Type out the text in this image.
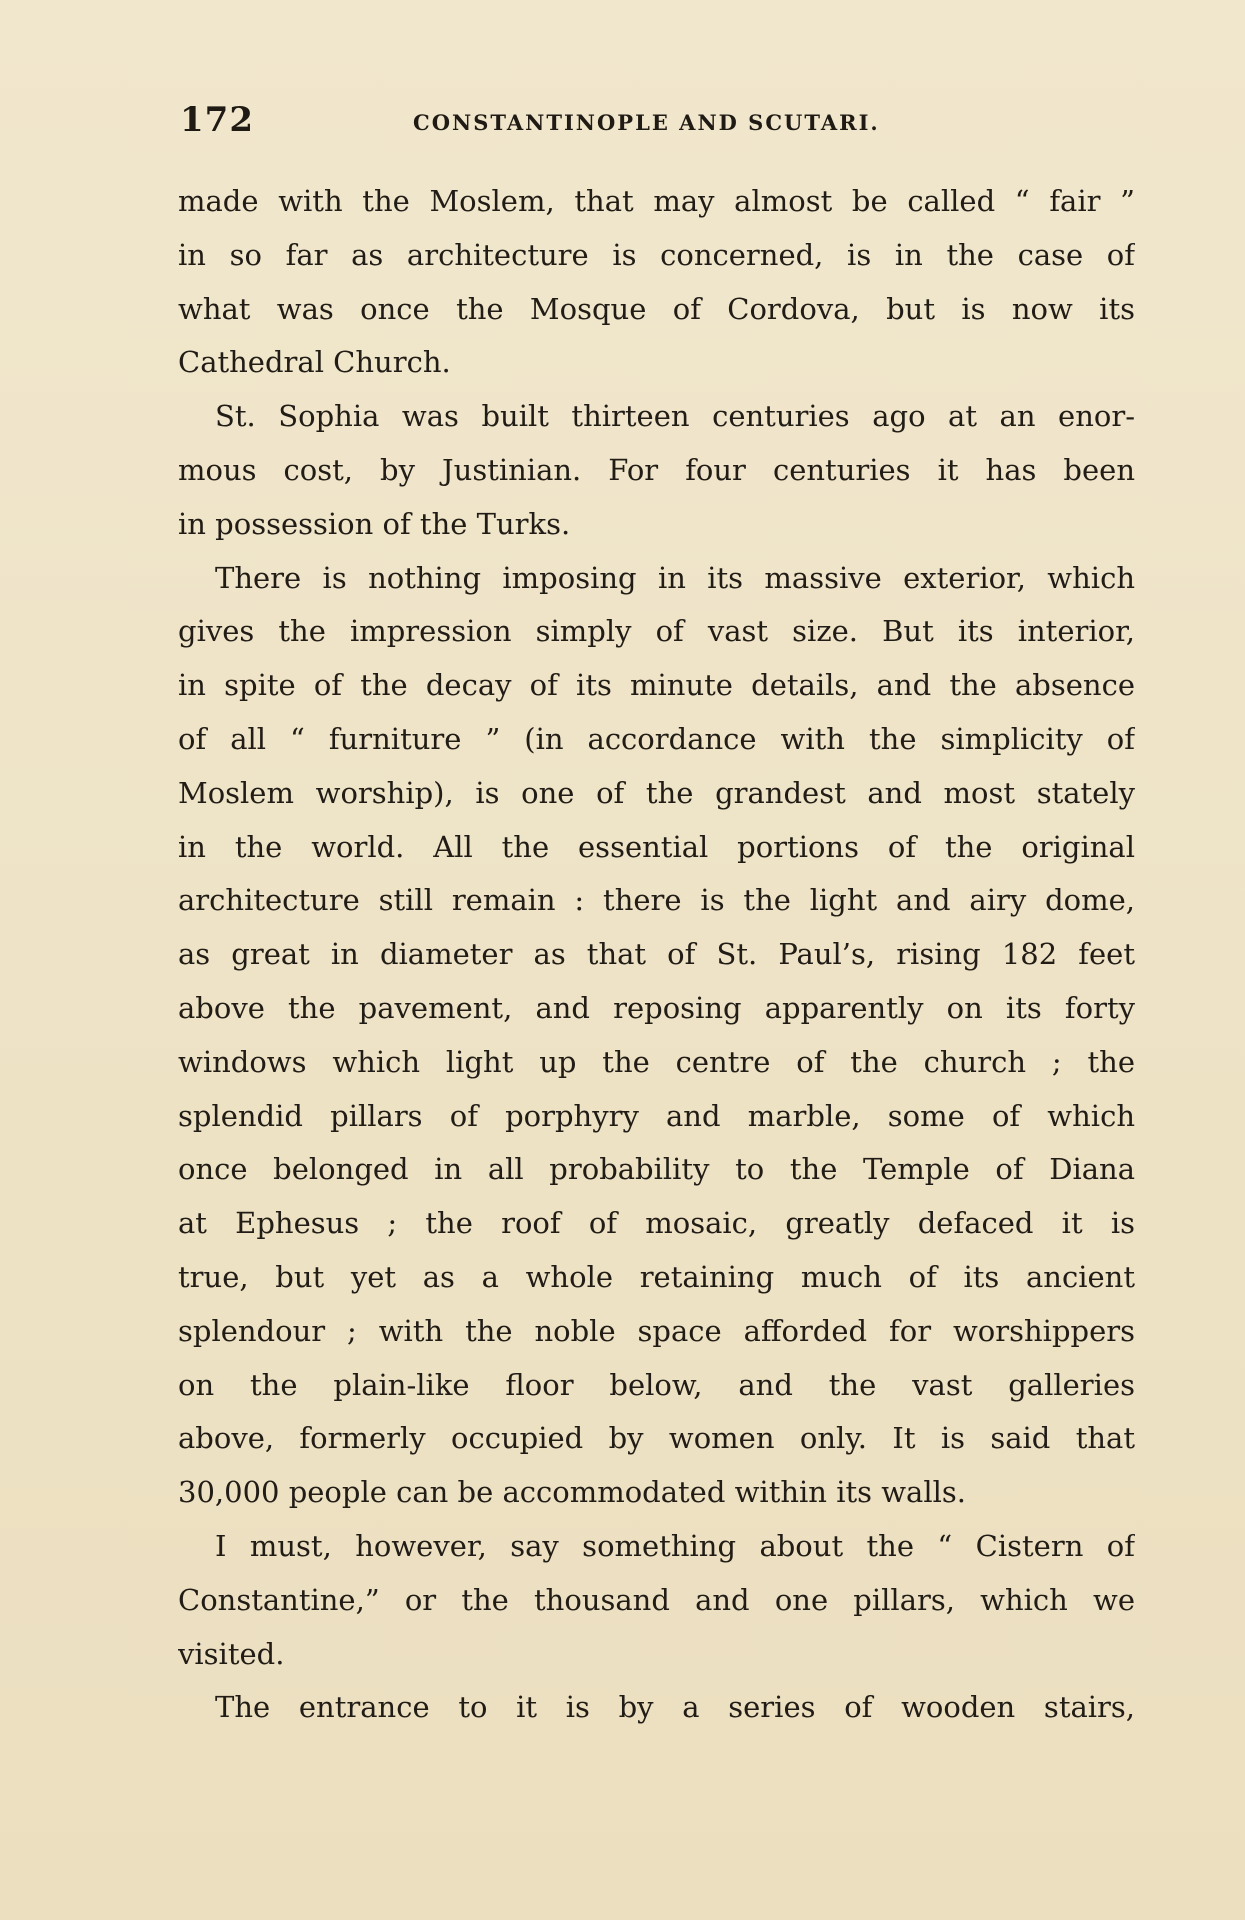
172	CONSTANTINOPLE AND SCUTARI.
made with the Moslem, that may almost be called “ fair ”
in so far as architecture is concerned, is in the case of
what was once the Mosque of Cordova, but is now its
Cathedral Church.
St. Sophia was built thirteen centuries ago at an enor-
mous cost, by Justinian. For four centuries it has been
in possession of the Turks.
There is nothing imposing in its massive exterior, which
gives the impression simply of vast size. But its interior,
in spite of the decay of its minute details, and the absence
of all “ furniture ” (in accordance with the simplicity of
Moslem worship), is one of the grandest and most stately
in the world. All the essential portions of the original
architecture still remain : there is the light and airy dome,
as great in diameter as that of St. Paul’s, rising 182 feet
above the pavement, and reposing apparently on its forty
windows which light up the centre of the church ; the
splendid pillars of porphyry and marble, some of which
once belonged in all probability to the Temple of Diana
at Ephesus ; the roof of mosaic, greatly defaced it is
true, but yet as a whole retaining much of its ancient
splendour ; with the noble space afforded for worshippers
on the plain-like floor below, and the vast galleries
above, formerly occupied by women only. It is said that
30,000 people can be accommodated within its walls.
I must, however, say something about the “ Cistern of
Constantine,” or the thousand and one pillars, which we
visited.
The entrance to it is by a series of wooden stairs,
